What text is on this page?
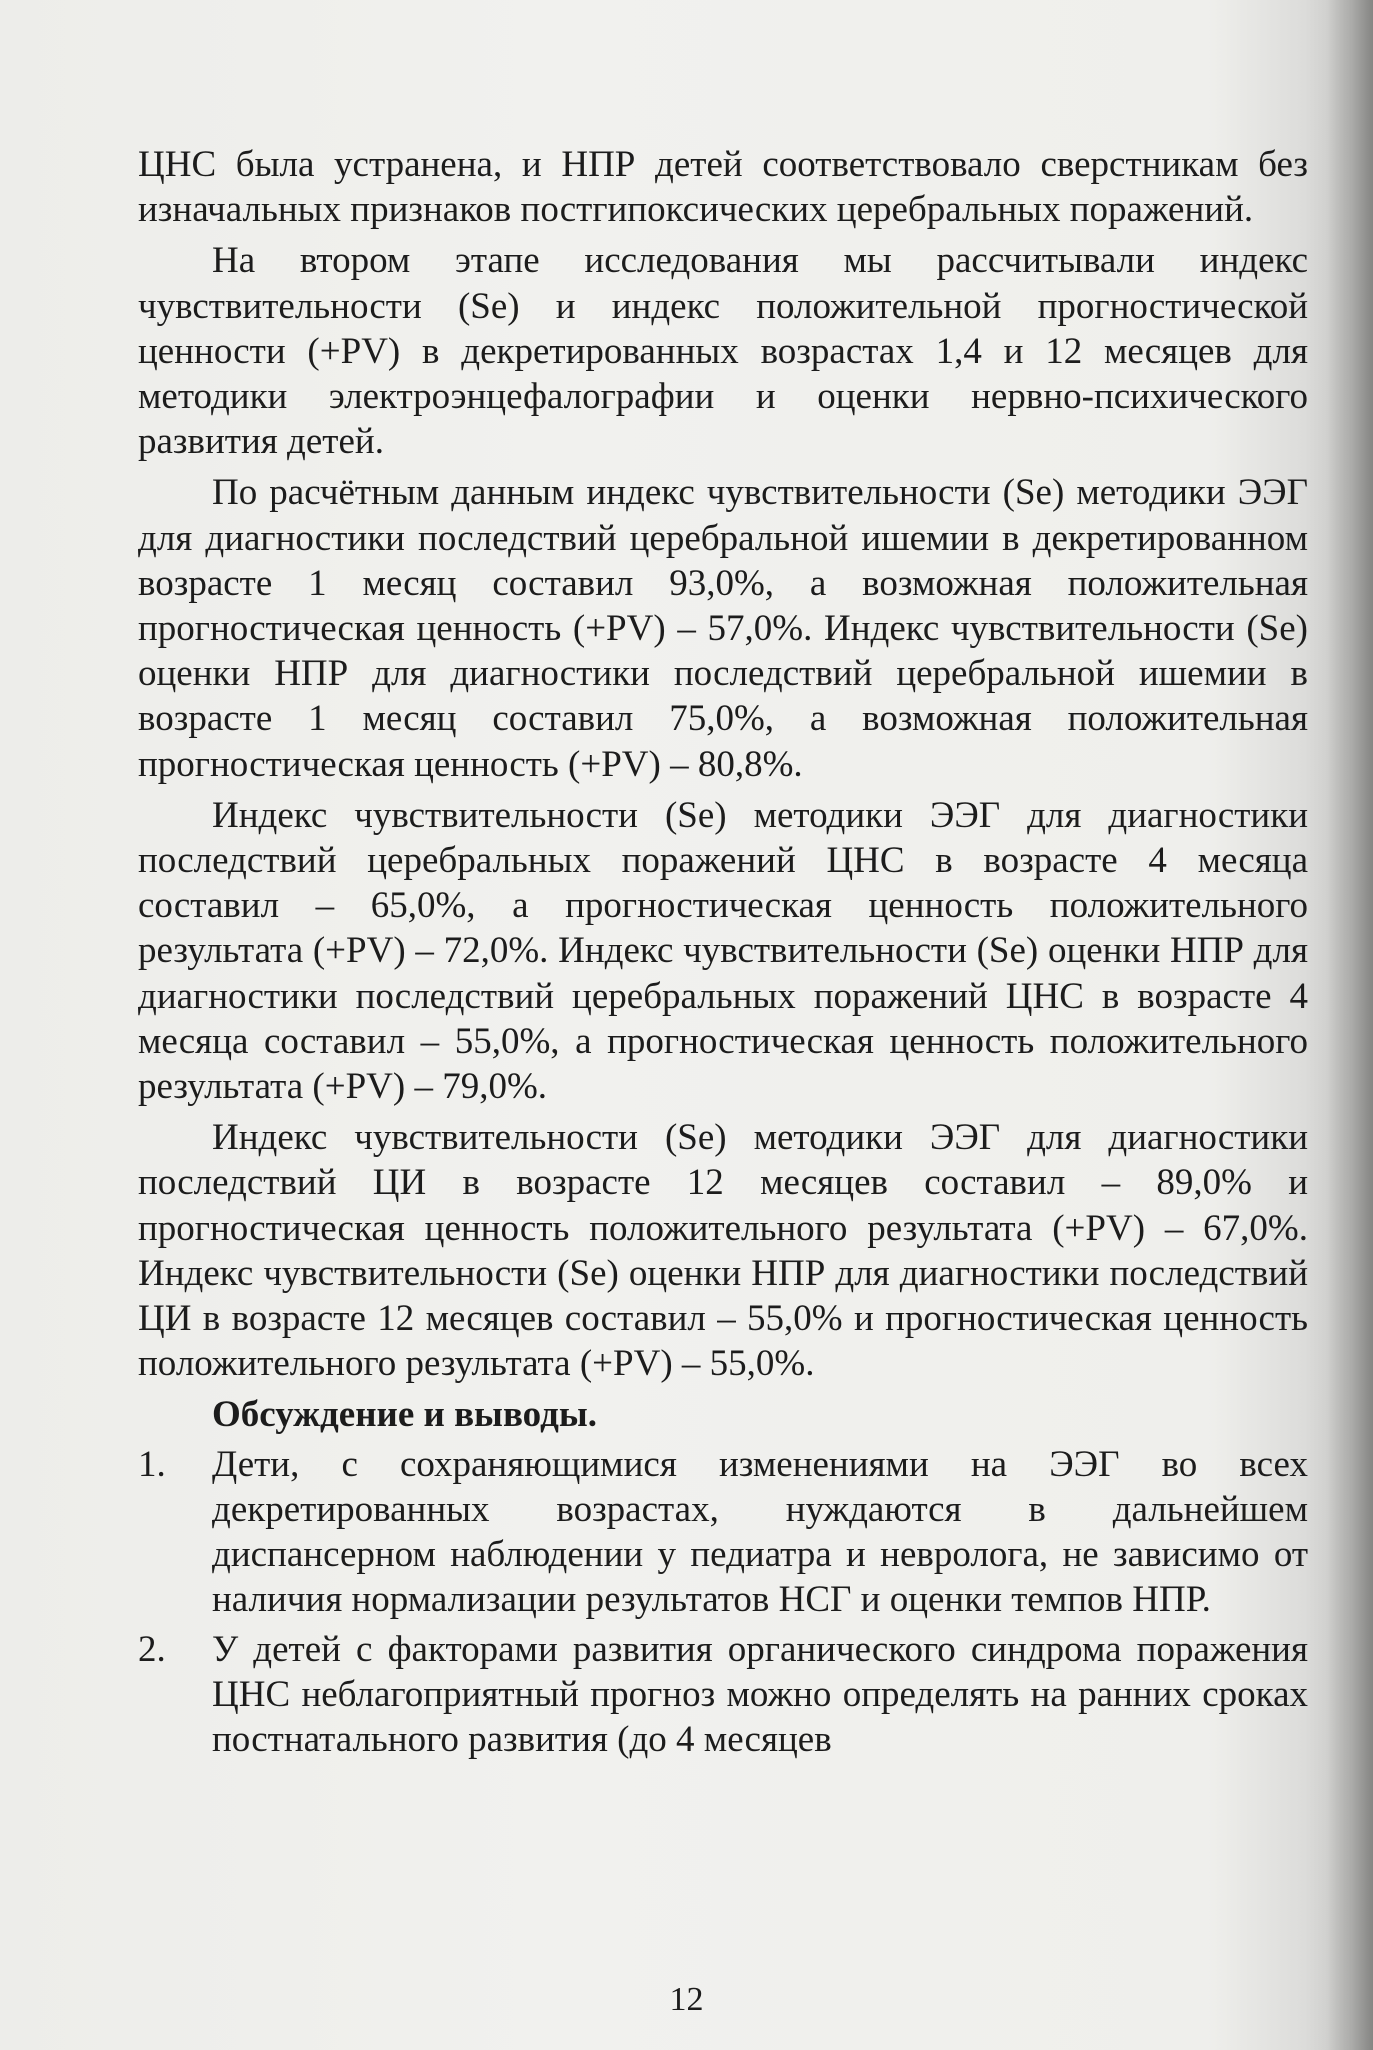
ЦНС была устранена, и НПР детей соответствовало сверстникам без изначальных признаков постгипоксических церебральных поражений.

На втором этапе исследования мы рассчитывали индекс чувствительности (Se) и индекс положительной прогностической ценности (+PV) в декретированных возрастах 1,4 и 12 месяцев для методики электроэнцефалографии и оценки нервно-психического развития детей.

По расчётным данным индекс чувствительности (Se) методики ЭЭГ для диагностики последствий церебральной ишемии в декретированном возрасте 1 месяц составил 93,0%, а возможная положительная прогностическая ценность (+PV) – 57,0%. Индекс чувствительности (Se) оценки НПР для диагностики последствий церебральной ишемии в возрасте 1 месяц составил 75,0%, а возможная положительная прогностическая ценность (+PV) – 80,8%.

Индекс чувствительности (Se) методики ЭЭГ для диагностики последствий церебральных поражений ЦНС в возрасте 4 месяца составил – 65,0%, а прогностическая ценность положительного результата (+PV) – 72,0%. Индекс чувствительности (Se) оценки НПР для диагностики последствий церебральных поражений ЦНС в возрасте 4 месяца составил – 55,0%, а прогностическая ценность положительного результата (+PV) – 79,0%.

Индекс чувствительности (Se) методики ЭЭГ для диагностики последствий ЦИ в возрасте 12 месяцев составил – 89,0% и прогностическая ценность положительного результата (+PV) – 67,0%. Индекс чувствительности (Se) оценки НПР для диагностики последствий ЦИ в возрасте 12 месяцев составил – 55,0% и прогностическая ценность положительного результата (+PV) – 55,0%.

Обсуждение и выводы.
1. Дети, с сохраняющимися изменениями на ЭЭГ во всех декретированных возрастах, нуждаются в дальнейшем диспансерном наблюдении у педиатра и невролога, не зависимо от наличия нормализации результатов НСГ и оценки темпов НПР.
2. У детей с факторами развития органического синдрома поражения ЦНС неблагоприятный прогноз можно определять на ранних сроках постнатального развития (до 4 месяцев
12
